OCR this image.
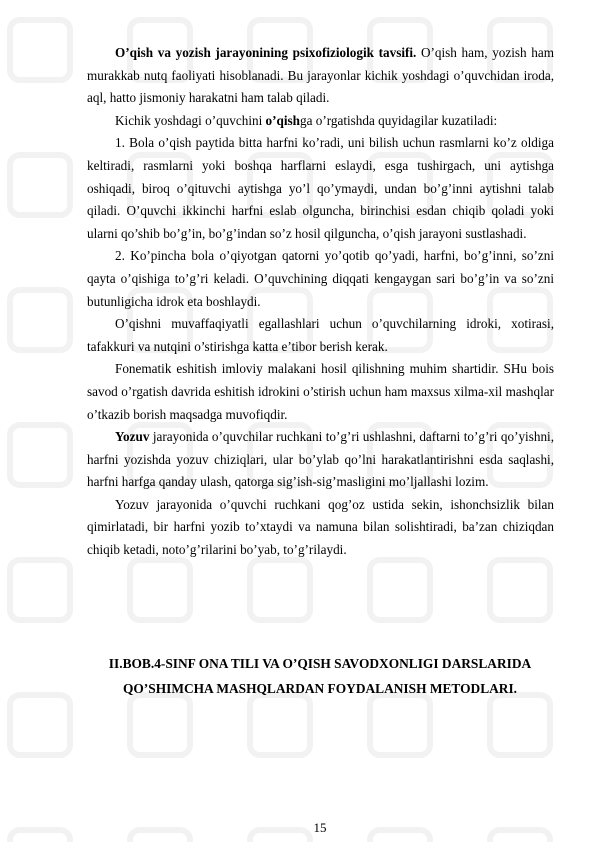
O’qish va yozish jarayonining psixofiziologik tavsifi. O’qish ham, yozish ham murakkab nutq faoliyati hisoblanadi. Bu jarayonlar kichik yoshdagi o’quvchidan iroda, aql, hatto jismoniy harakatni ham talab qiladi.

Kichik yoshdagi o’quvchini o’qishga o’rgatishda quyidagilar kuzatiladi:

1. Bola o’qish paytida bitta harfni ko’radi, uni bilish uchun rasmlarni ko’z oldiga keltiradi, rasmlarni yoki boshqa harflarni eslaydi, esga tushirgach, uni aytishga oshiqadi, biroq o’qituvchi aytishga yo’l qo’ymaydi, undan bo’g’inni aytishni talab qiladi. O’quvchi ikkinchi harfni eslab olguncha, birinchisi esdan chiqib qoladi yoki ularni qo’shib bo’g’in, bo’g’indan so’z hosil qilguncha, o’qish jarayoni sustlashadi.

2. Ko’pincha bola o’qiyotgan qatorni yo’qotib qo’yadi, harfni, bo’g’inni, so’zni qayta o’qishiga to’g’ri keladi. O’quvchining diqqati kengaygan sari bo’g’in va so’zni butunligicha idrok eta boshlaydi.

O’qishni muvaffaqiyatli egallashlari uchun o’quvchilarning idroki, xotirasi, tafakkuri va nutqini o’stirishga katta e’tibor berish kerak.

Fonematik eshitish imloviy malakani hosil qilishning muhim shartidir. SHu bois savod o’rgatish davrida eshitish idrokini o’stirish uchun ham maxsus xilma-xil mashqlar o’tkazib borish maqsadga muvofiqdir.

Yozuv jarayonida o’quvchilar ruchkani to’g’ri ushlashni, daftarni to’g’ri qo’yishni, harfni yozishda yozuv chiziqlari, ular bo’ylab qo’lni harakatlantirishni esda saqlashi, harfni harfga qanday ulash, qatorga sig’ish-sig’masligini mo’ljallashi lozim.

Yozuv jarayonida o’quvchi ruchkani qog’oz ustida sekin, ishonchsizlik bilan qimirlatadi, bir harfni yozib to’xtaydi va namuna bilan solishtiradi, ba’zan chiziqdan chiqib ketadi, noto’g’rilarini bo’yab, to’g’rilaydi.

II.BOB.4-SINF ONA TILI VA O’QISH SAVODXONLIGI DARSLARIDA
QO’SHIMCHA MASHQLARDAN FOYDALANISH METODLARI.
15
